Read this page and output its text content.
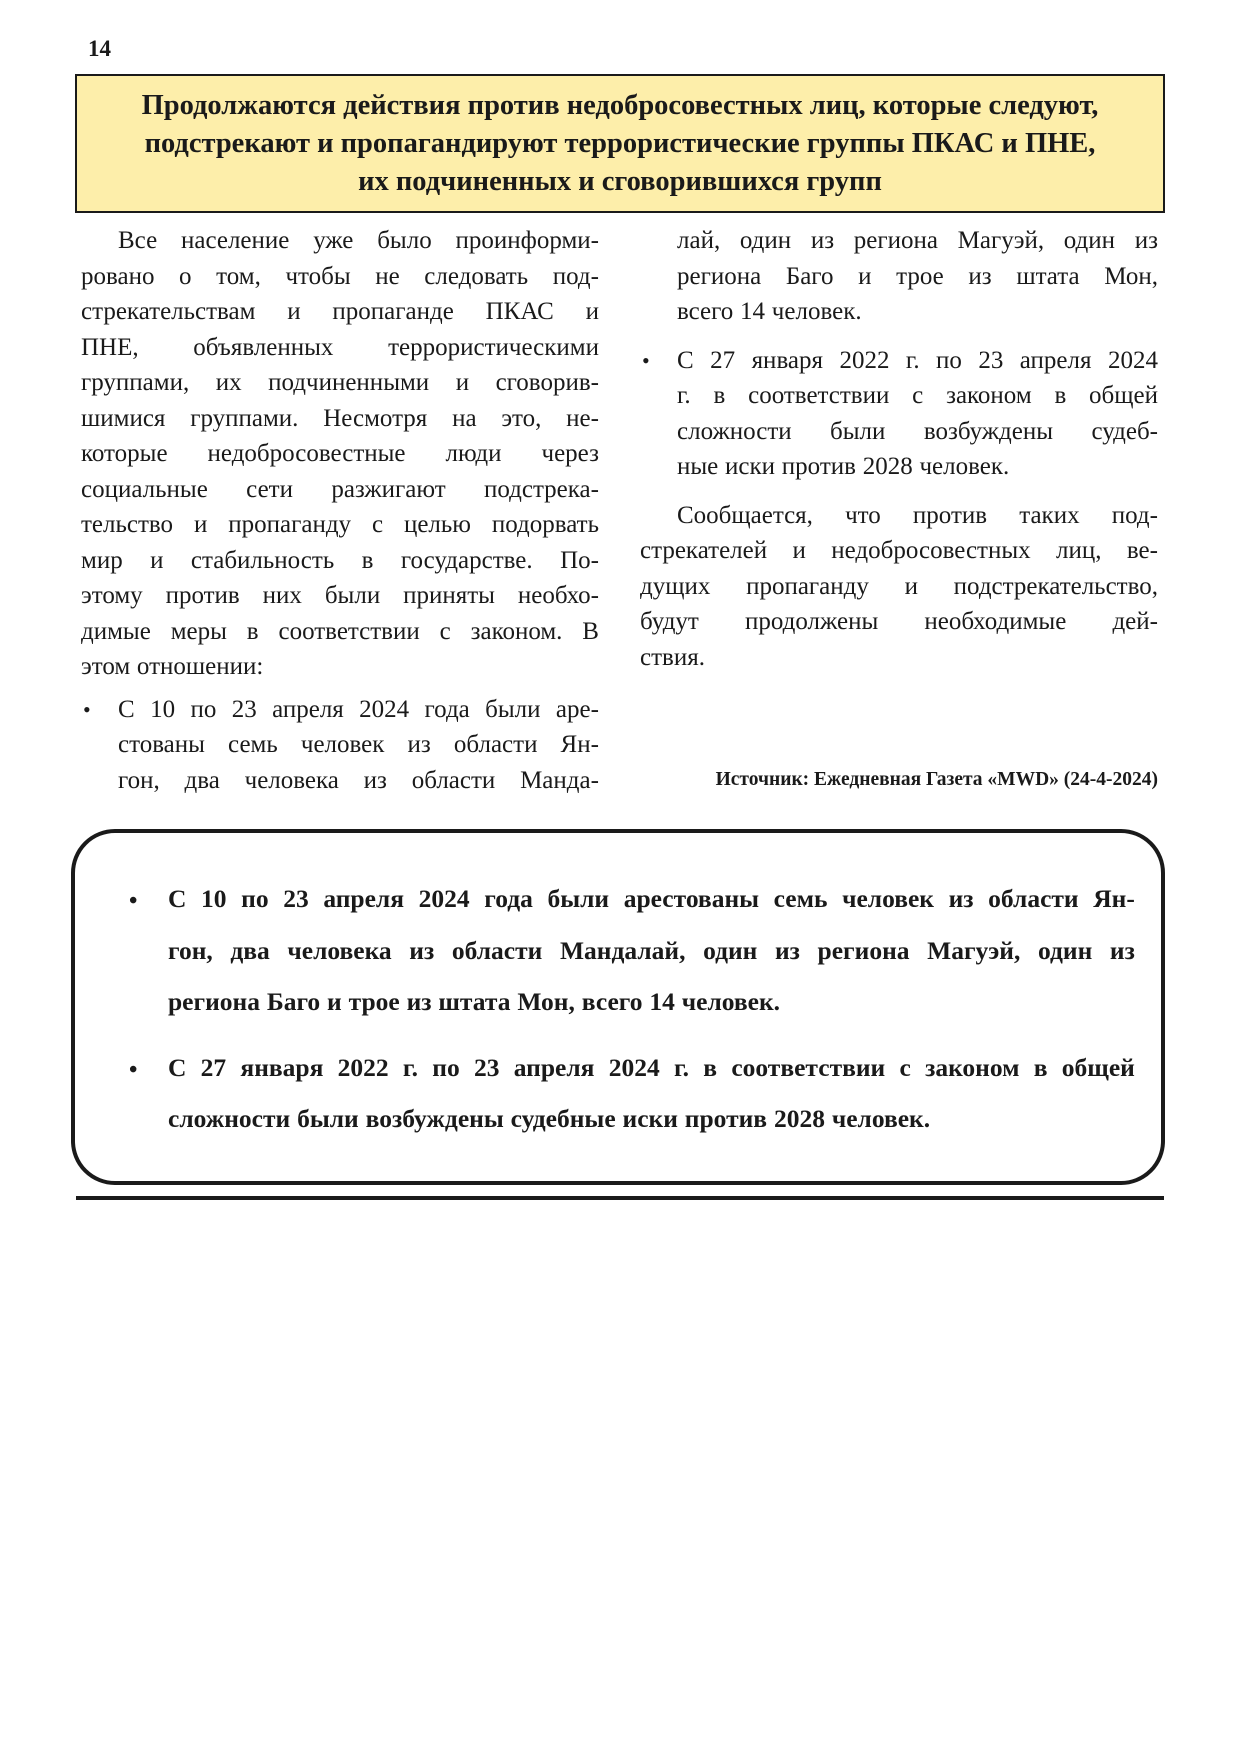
14
Продолжаются действия против недобросовестных лиц, которые следуют,
подстрекают и пропагандируют террористические группы ПКАС и ПНЕ,
их подчиненных и сговорившихся групп
Все население уже было проинформи-
ровано о том, чтобы не следовать под-
стрекательствам и пропаганде ПКАС и
ПНЕ, объявленных террористическими
группами, их подчиненными и сговорив-
шимися группами. Несмотря на это, не-
которые недобросовестные люди через
социальные сети разжигают подстрека-
тельство и пропаганду с целью подорвать
мир и стабильность в государстве. По-
этому против них были приняты необхо-
димые меры в соответствии с законом. В
этом отношении:
• С 10 по 23 апреля 2024 года были аре-
стованы семь человек из области Ян-
гон, два человека из области Манда-
лай, один из региона Магуэй, один из
региона Баго и трое из штата Мон,
всего 14 человек.
• С 27 января 2022 г. по 23 апреля 2024
г. в соответствии с законом в общей
сложности были возбуждены судеб-
ные иски против 2028 человек.
Сообщается, что против таких под-
стрекателей и недобросовестных лиц, ве-
дущих пропаганду и подстрекательство,
будут продолжены необходимые дей-
ствия.
Источник: Ежедневная Газета «MWD» (24-4-2024)
• С 10 по 23 апреля 2024 года были арестованы семь человек из области Ян-
гон, два человека из области Мандалай, один из региона Магуэй, один из
региона Баго и трое из штата Мон, всего 14 человек.
• С 27 января 2022 г. по 23 апреля 2024 г. в соответствии с законом в общей
сложности были возбуждены судебные иски против 2028 человек.
